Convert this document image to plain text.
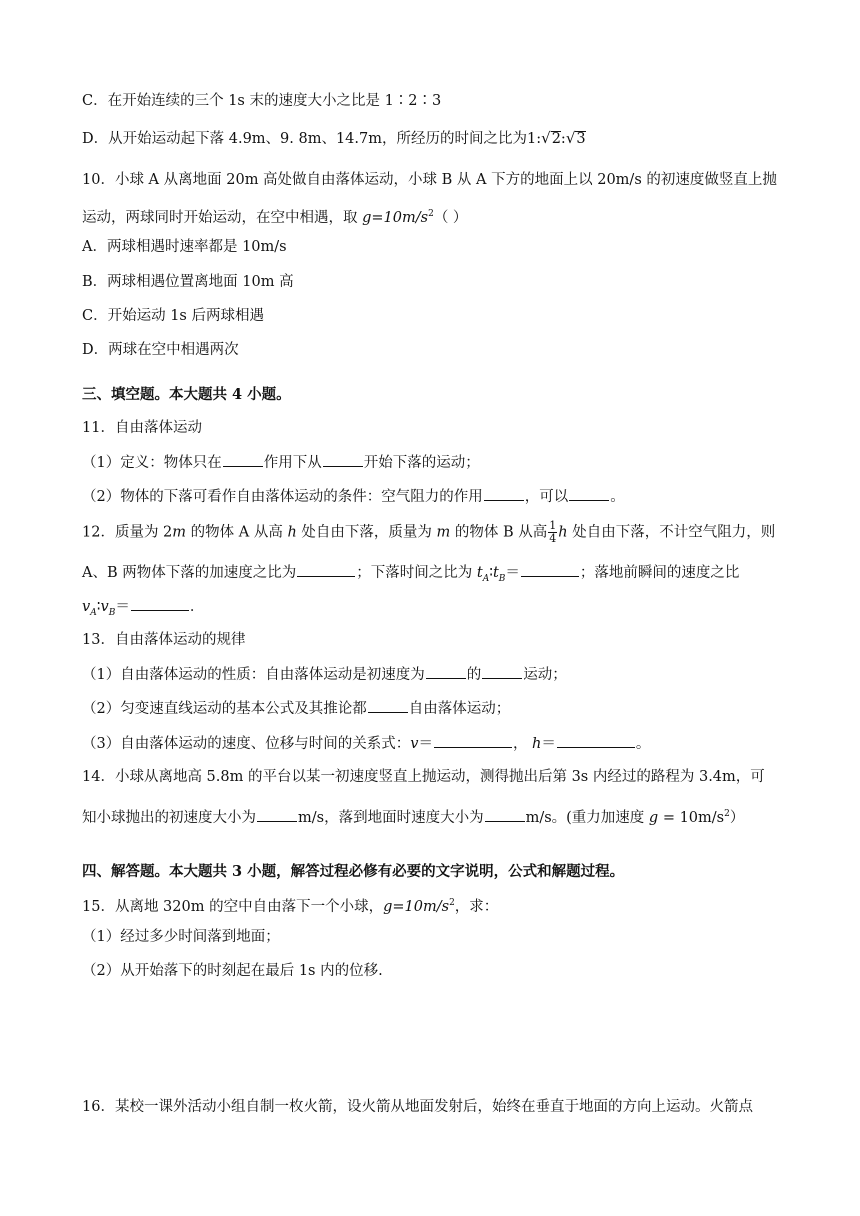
C．在开始连续的三个 1s 末的速度大小之比是 1∶2∶3
D．从开始运动起下落 4.9m、9. 8m、14.7m，所经历的时间之比为1:√2:√3
10．小球 A 从离地面 20m 高处做自由落体运动，小球 B 从 A 下方的地面上以 20m/s 的初速度做竖直上抛
运动，两球同时开始运动，在空中相遇，取 $g=10m/s^2$（ ）
A．两球相遇时速率都是 10m/s
B．两球相遇位置离地面 10m 高
C．开始运动 1s 后两球相遇
D．两球在空中相遇两次
三、填空题。本大题共 4 小题。
11．自由落体运动
（1）定义：物体只在	作用下从	开始下落的运动；
（2）物体的下落可看作自由落体运动的条件：空气阻力的作用	，可以	。
12．质量为 2m 的物体 A 从高 h 处自由下落，质量为 m 的物体 B 从高 $\frac{1}{4}$ h 处自由下落，不计空气阻力，则
A、B 两物体下落的加速度之比为	；下落时间之比为 $t_A∶t_B=$	；落地前瞬间的速度之比
$v_A∶v_B=$	．
13．自由落体运动的规律
（1）自由落体运动的性质：自由落体运动是初速度为	的	运动；
（2）匀变速直线运动的基本公式及其推论都	自由落体运动；
（3）自由落体运动的速度、位移与时间的关系式：v＝	， h＝	。
14．小球从离地高 5.8m 的平台以某一初速度竖直上抛运动，测得抛出后第 3s 内经过的路程为 3.4m，可
知小球抛出的初速度大小为	m/s，落到地面时速度大小为	m/s。(重力加速度 $g = 10m/s^2$）
四、解答题。本大题共 3 小题，解答过程必修有必要的文字说明，公式和解题过程。
15．从离地 320m 的空中自由落下一个小球，$g=10m/s^2$，求：
（1）经过多少时间落到地面；
（2）从开始落下的时刻起在最后 1s 内的位移.
16．某校一课外活动小组自制一枚火箭，设火箭从地面发射后，始终在垂直于地面的方向上运动。火箭点
